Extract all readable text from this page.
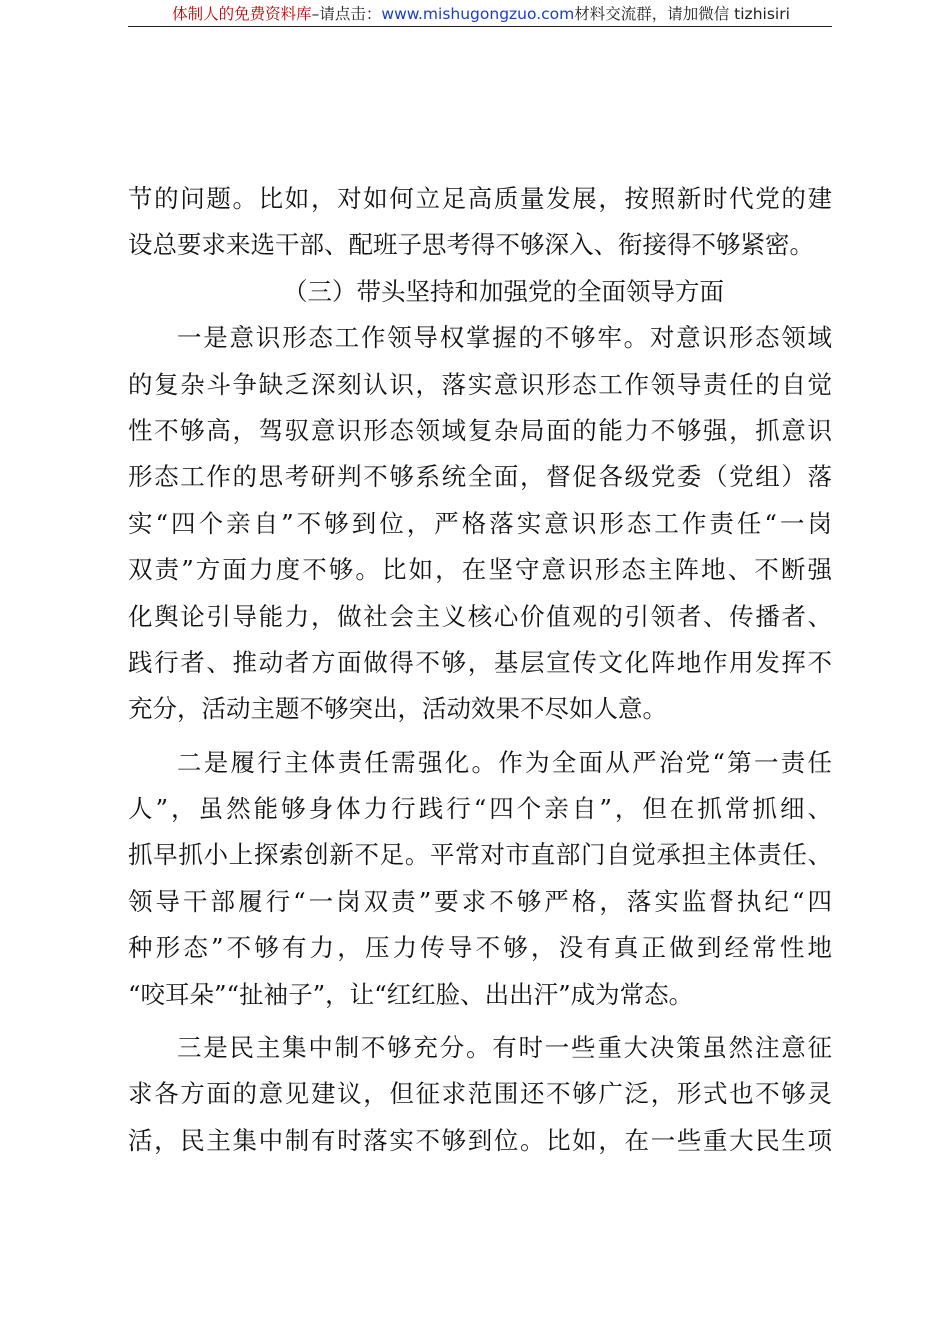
体制人的免费资料库–请点击：www.mishugongzuo.com材料交流群，请加微信 tizhisiri
节的问题。比如，对如何立足高质量发展，按照新时代党的建
设总要求来选干部、配班子思考得不够深入、衔接得不够紧密。
（三）带头坚持和加强党的全面领导方面
一是意识形态工作领导权掌握的不够牢。对意识形态领域
的复杂斗争缺乏深刻认识，落实意识形态工作领导责任的自觉
性不够高，驾驭意识形态领域复杂局面的能力不够强，抓意识
形态工作的思考研判不够系统全面，督促各级党委（党组）落
实“四个亲自”不够到位，严格落实意识形态工作责任“一岗
双责”方面力度不够。比如，在坚守意识形态主阵地、不断强
化舆论引导能力，做社会主义核心价值观的引领者、传播者、
践行者、推动者方面做得不够，基层宣传文化阵地作用发挥不
充分，活动主题不够突出，活动效果不尽如人意。
二是履行主体责任需强化。作为全面从严治党“第一责任
人”，虽然能够身体力行践行“四个亲自”，但在抓常抓细、
抓早抓小上探索创新不足。平常对市直部门自觉承担主体责任、
领导干部履行“一岗双责”要求不够严格，落实监督执纪“四
种形态”不够有力，压力传导不够，没有真正做到经常性地
“咬耳朵”“扯袖子”，让“红红脸、出出汗”成为常态。
三是民主集中制不够充分。有时一些重大决策虽然注意征
求各方面的意见建议，但征求范围还不够广泛，形式也不够灵
活，民主集中制有时落实不够到位。比如，在一些重大民生项
